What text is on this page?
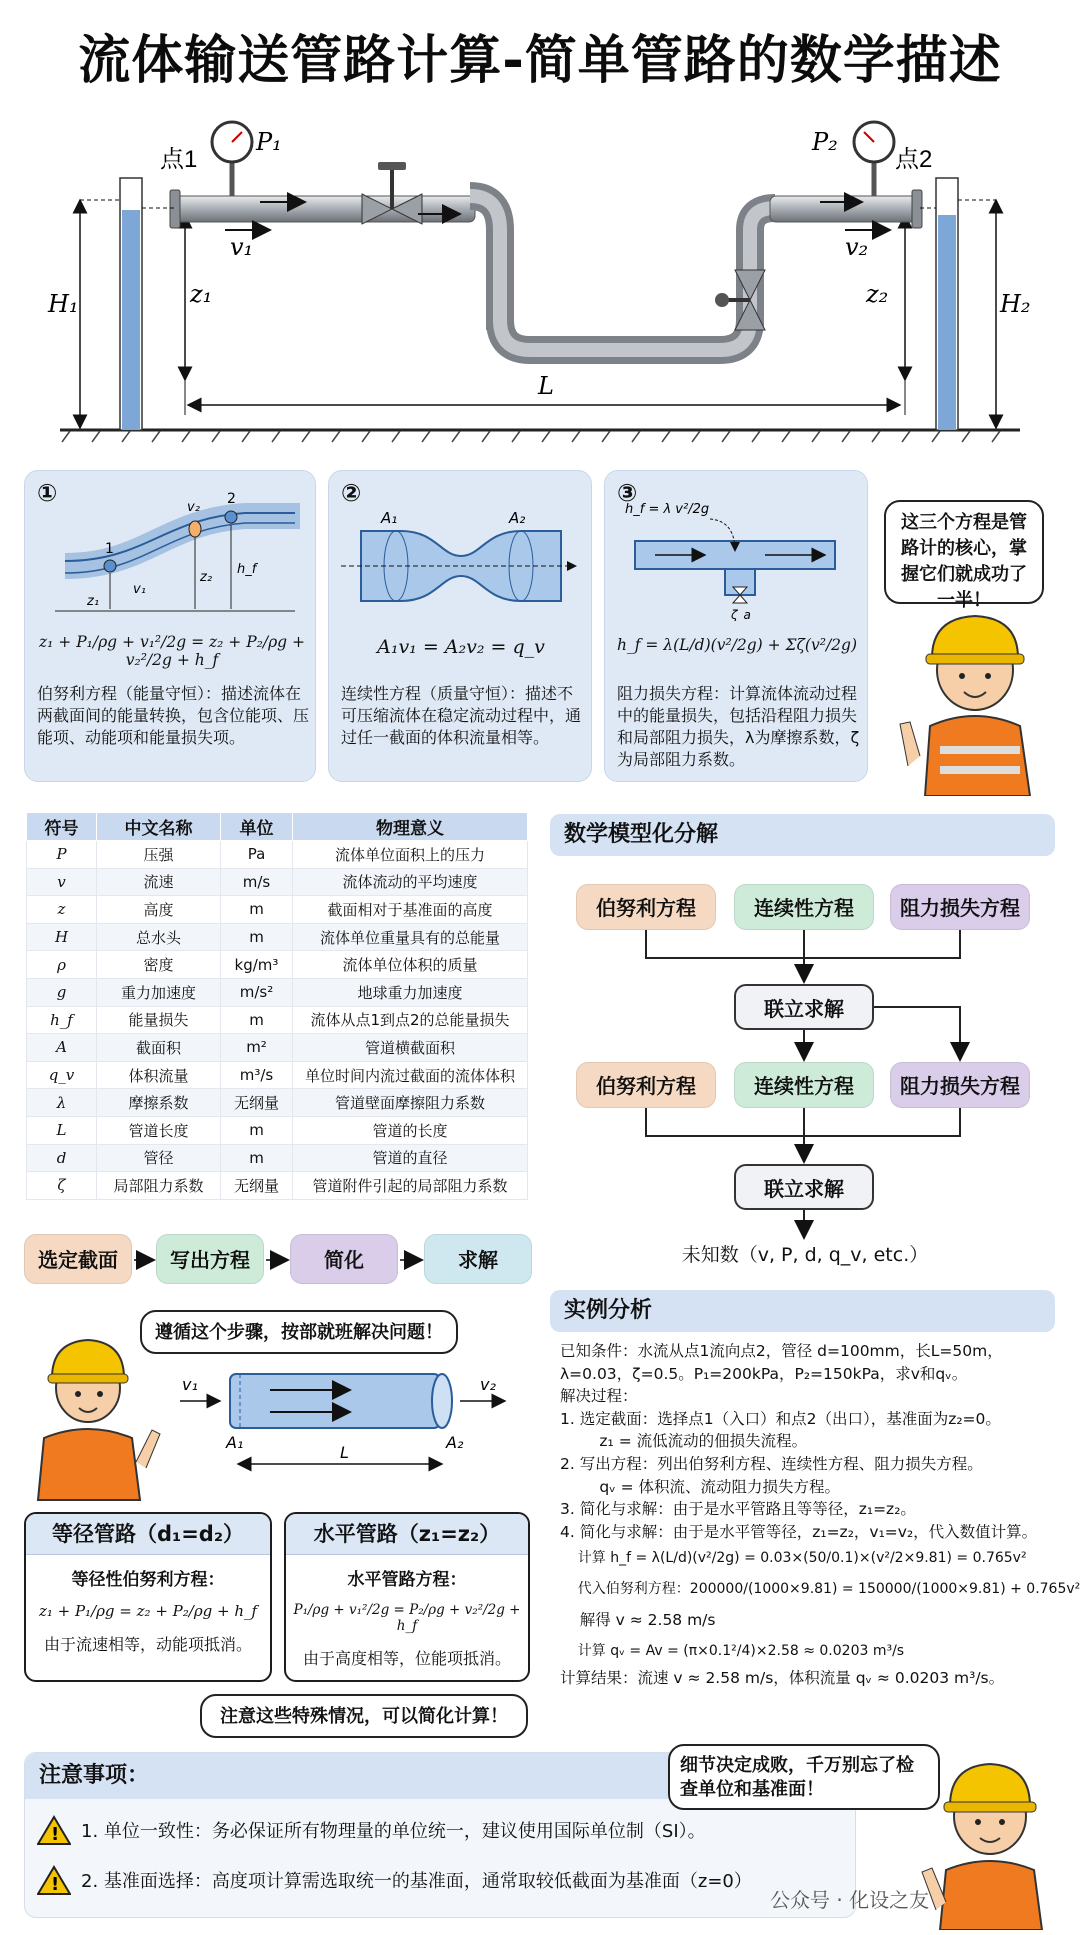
流体输送管路计算-简单管路的数学描述
点1	点2
P₁	P₂
v₁	v₂
z₁	z₂
H₁	H₂
L
①
1
2
v₂
v₁
z₁
z₂
h_f
z₁ + P₁/ρg + v₁²/2g = z₂ + P₂/ρg + v₂²/2g + h_f
伯努利方程（能量守恒）：描述流体在两截面间的能量转换，包含位能项、压能项、动能项和能量损失项。
②
A₁	A₂
A₁v₁ = A₂v₂ = q_v
连续性方程（质量守恒）：描述不可压缩流体在稳定流动过程中，通过任一截面的体积流量相等。
③
h_f = λ v²/2g
ζ_a
h_f = λ(L/d)(v²/2g) + Σζ(v²/2g)
阻力损失方程：计算流体流动过程中的能量损失，包括沿程阻力损失和局部阻力损失，λ为摩擦系数，ζ为局部阻力系数。
这三个方程是管路计的核心，掌握它们就成功了一半！
符号	中文名称	单位	物理意义
P	压强	Pa	流体单位面积上的压力
v	流速	m/s	流体流动的平均速度
z	高度	m	截面相对于基准面的高度
H	总水头	m	流体单位重量具有的总能量
ρ	密度	kg/m³	流体单位体积的质量
g	重力加速度	m/s²	地球重力加速度
h_f	能量损失	m	流体从点1到点2的总能量损失
A	截面积	m²	管道横截面积
q_v	体积流量	m³/s	单位时间内流过截面的流体体积
λ	摩擦系数	无纲量	管道壁面摩擦阻力系数
L	管道长度	m	管道的长度
d	管径	m	管道的直径
ζ	局部阻力系数	无纲量	管道附件引起的局部阻力系数
数学模型化分解
伯努利方程	连续性方程	阻力损失方程
联立求解
伯努利方程	连续性方程	阻力损失方程
联立求解
未知数（v, P, d, q_v, etc.）
选定截面	写出方程	简化	求解
遵循这个步骤，按部就班解决问题！
v₁	v₂
A₁	A₂
L
实例分析
已知条件：水流从点1流向点2，管径 d=100mm，长L=50m，
λ=0.03，ζ=0.5。P₁=200kPa，P₂=150kPa，求v和qᵥ。
解决过程：
1. 选定截面：选择点1（入口）和点2（出口），基准面为z₂=0。
z₁ = 流低流动的佃损失流程。
2. 写出方程：列出伯努利方程、连续性方程、阻力损失方程。
qᵥ = 体积流、流动阻力损失方程。
3. 简化与求解：由于是水平管路且等等径，z₁=z₂。
4. 简化与求解：由于是水平管等径，z₁=z₂，v₁=v₂，代入数值计算。
计算 h_f = λ(L/d)(v²/2g) = 0.03×(50/0.1)×(v²/2×9.81) = 0.765v²
代入伯努利方程：200000/(1000×9.81) = 150000/(1000×9.81) + 0.765v²
解得 v ≈ 2.58 m/s
计算 qᵥ = Av = (π×0.1²/4)×2.58 ≈ 0.0203 m³/s
计算结果：流速 v ≈ 2.58 m/s，体积流量 qᵥ ≈ 0.0203 m³/s。
等径管路（d₁=d₂）
等径性伯努利方程：
z₁ + P₁/ρg = z₂ + P₂/ρg + h_f
由于流速相等，动能项抵消。
水平管路（z₁=z₂）
水平管路方程：
P₁/ρg + v₁²/2g = P₂/ρg + v₂²/2g + h_f
由于高度相等，位能项抵消。
注意这些特殊情况，可以简化计算！
注意事项：
! 1. 单位一致性：务必保证所有物理量的单位统一，建议使用国际单位制（SI）。
! 2. 基准面选择：高度项计算需选取统一的基准面，通常取较低截面为基准面（z=0）
细节决定成败，千万别忘了检查单位和基准面！
公众号 · 化设之友
